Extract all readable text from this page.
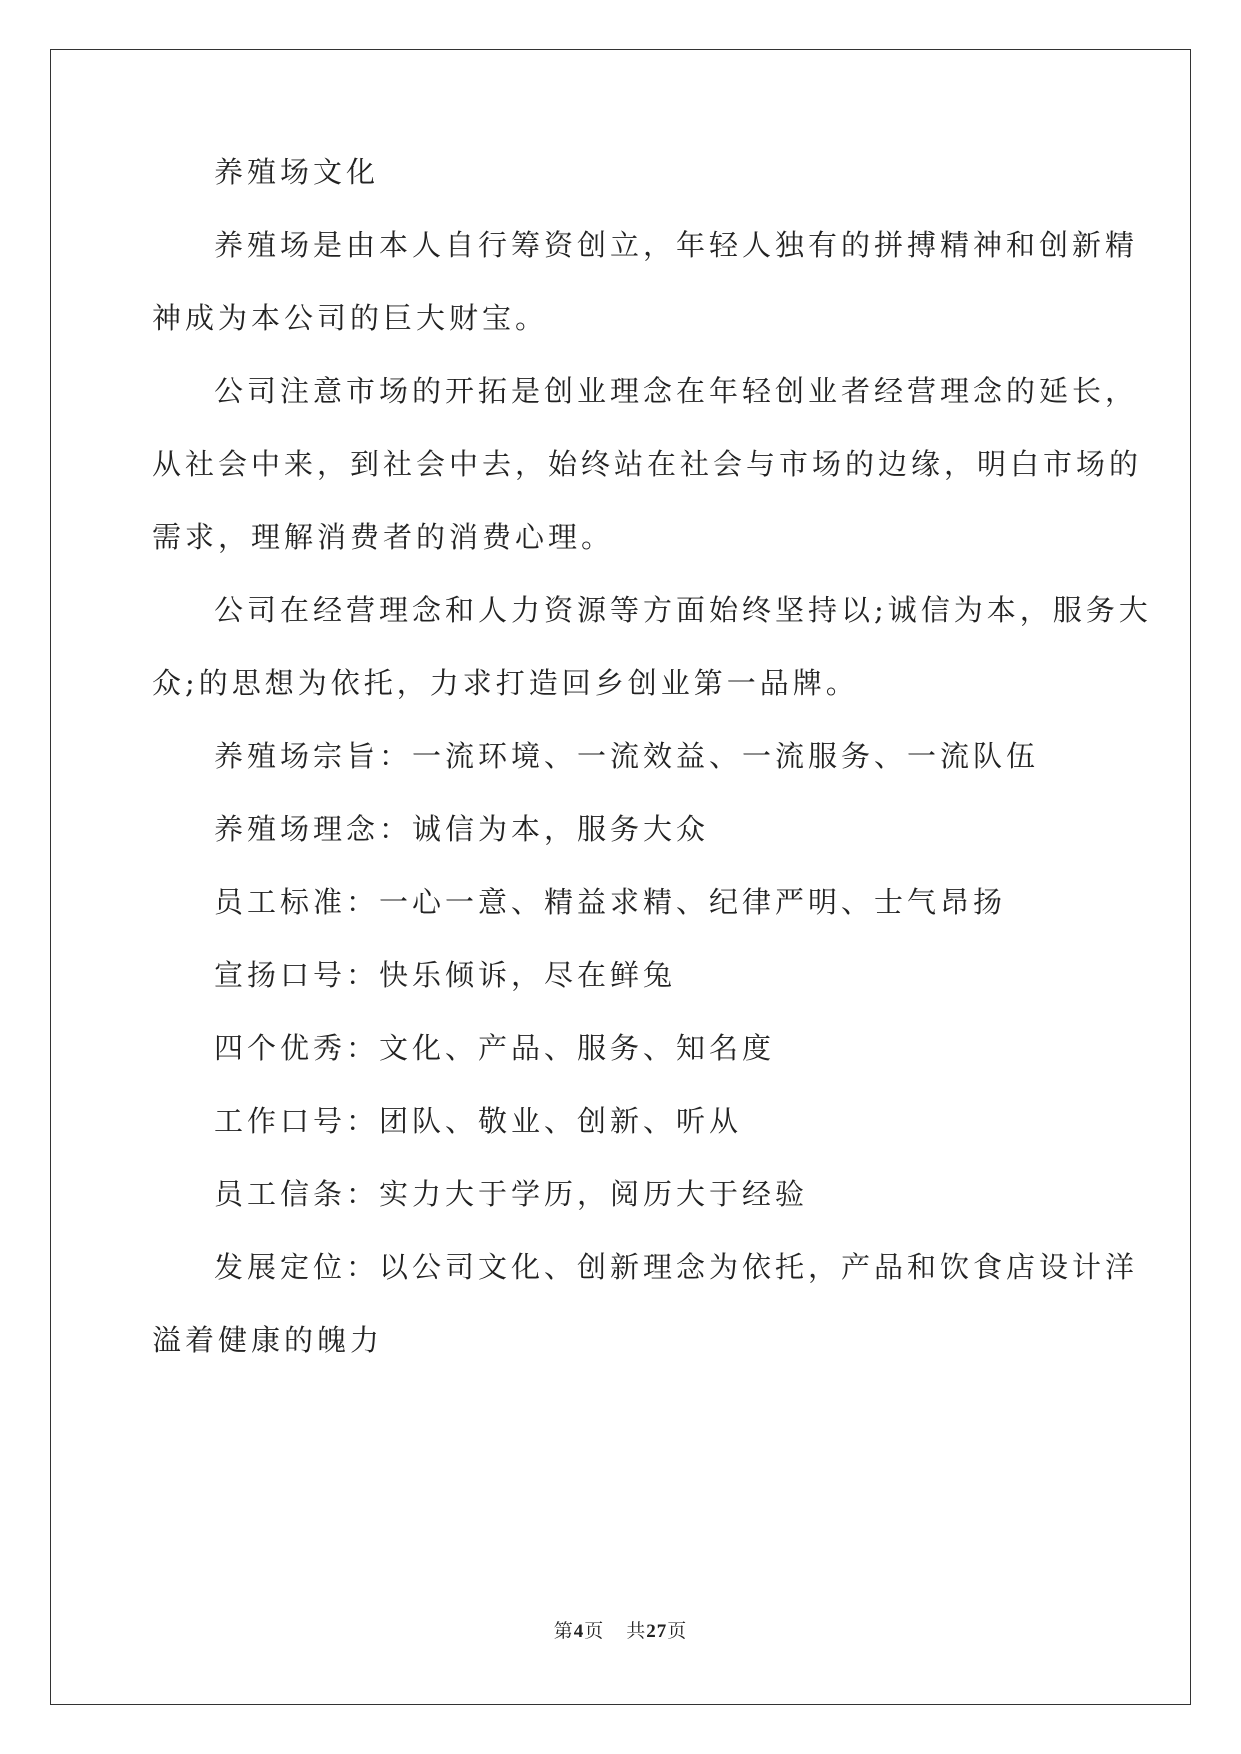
养殖场文化
养殖场是由本人自行筹资创立，年轻人独有的拼搏精神和创新精
神成为本公司的巨大财宝。
公司注意市场的开拓是创业理念在年轻创业者经营理念的延长，
从社会中来，到社会中去，始终站在社会与市场的边缘，明白市场的
需求，理解消费者的消费心理。
公司在经营理念和人力资源等方面始终坚持以;诚信为本，服务大
众;的思想为依托，力求打造回乡创业第一品牌。
养殖场宗旨：一流环境、一流效益、一流服务、一流队伍
养殖场理念：诚信为本，服务大众
员工标准：一心一意、精益求精、纪律严明、士气昂扬
宣扬口号：快乐倾诉，尽在鲜兔
四个优秀：文化、产品、服务、知名度
工作口号：团队、敬业、创新、听从
员工信条：实力大于学历，阅历大于经验
发展定位：以公司文化、创新理念为依托，产品和饮食店设计洋
溢着健康的魄力
第4页 共27页
